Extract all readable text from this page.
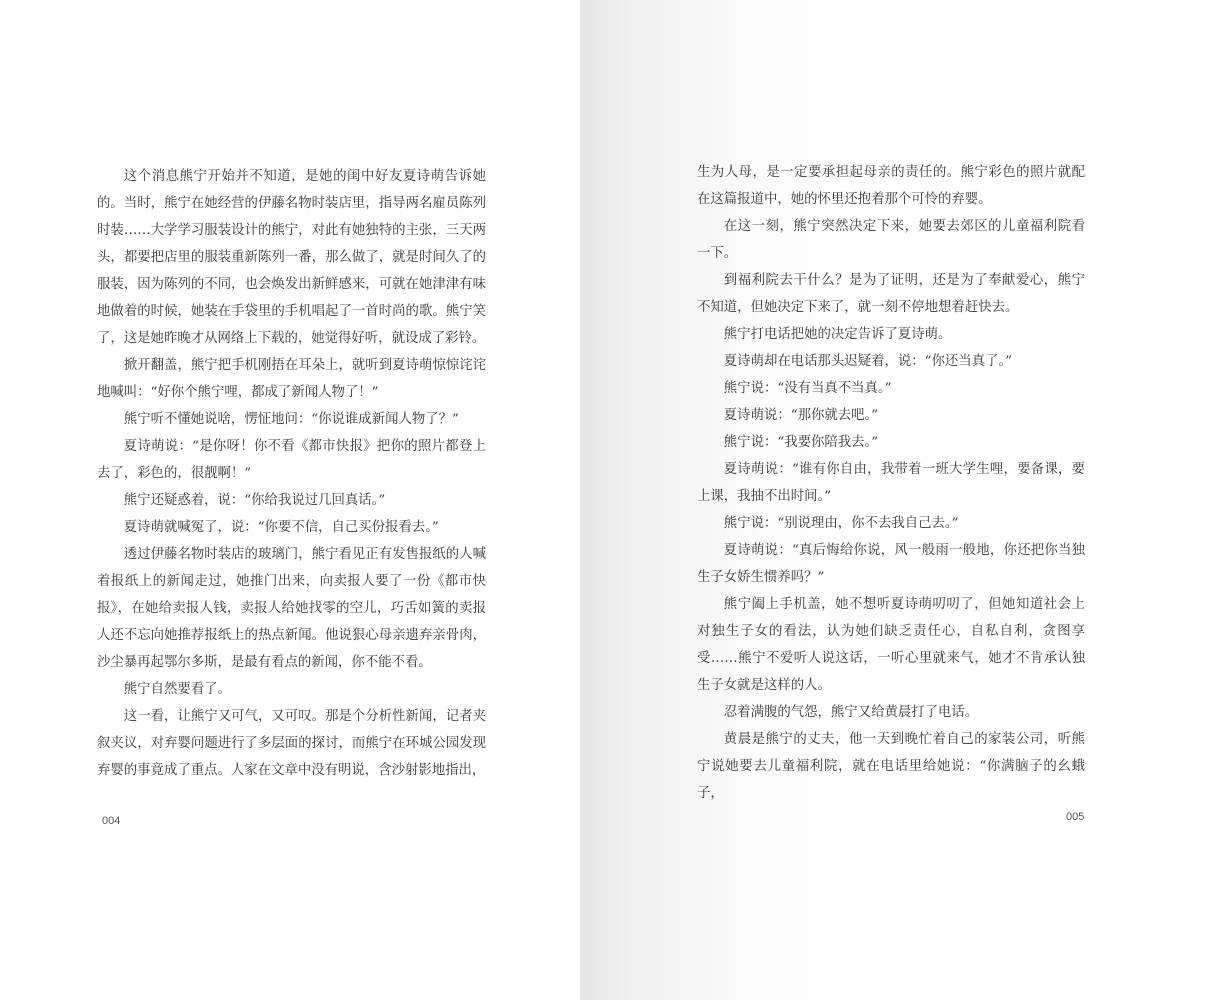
这个消息熊宁开始并不知道，是她的闺中好友夏诗萌告诉她的。当时，熊宁在她经营的伊藤名物时装店里，指导两名雇员陈列时装……大学学习服装设计的熊宁，对此有她独特的主张，三天两头，都要把店里的服装重新陈列一番，那么做了，就是时间久了的服装，因为陈列的不同，也会焕发出新鲜感来，可就在她津津有味地做着的时候，她装在手袋里的手机唱起了一首时尚的歌。熊宁笑了，这是她昨晚才从网络上下载的，她觉得好听，就设成了彩铃。

掀开翻盖，熊宁把手机刚捂在耳朵上，就听到夏诗萌惊惊诧诧地喊叫：“好你个熊宁哩，都成了新闻人物了！”

熊宁听不懂她说啥，愣怔地问：“你说谁成新闻人物了？”

夏诗萌说：“是你呀！你不看《都市快报》把你的照片都登上去了，彩色的，很靓啊！”

熊宁还疑惑着，说：“你给我说过几回真话。”

夏诗萌就喊冤了，说：“你要不信，自己买份报看去。”

透过伊藤名物时装店的玻璃门，熊宁看见正有发售报纸的人喊着报纸上的新闻走过，她推门出来，向卖报人要了一份《都市快报》，在她给卖报人钱，卖报人给她找零的空儿，巧舌如簧的卖报人还不忘向她推荐报纸上的热点新闻。他说狠心母亲遗弃亲骨肉，沙尘暴再起鄂尔多斯，是最有看点的新闻，你不能不看。

熊宁自然要看了。

这一看，让熊宁又可气，又可叹。那是个分析性新闻，记者夹叙夹议，对弃婴问题进行了多层面的探讨，而熊宁在环城公园发现弃婴的事竟成了重点。人家在文章中没有明说，含沙射影地指出，

004

生为人母，是一定要承担起母亲的责任的。熊宁彩色的照片就配在这篇报道中，她的怀里还抱着那个可怜的弃婴。

在这一刻，熊宁突然决定下来，她要去郊区的儿童福利院看一下。

到福利院去干什么？是为了证明，还是为了奉献爱心，熊宁不知道，但她决定下来了，就一刻不停地想着赶快去。

熊宁打电话把她的决定告诉了夏诗萌。

夏诗萌却在电话那头迟疑着，说：“你还当真了。”

熊宁说：“没有当真不当真。”

夏诗萌说：“那你就去吧。”

熊宁说：“我要你陪我去。”

夏诗萌说：“谁有你自由，我带着一班大学生哩，要备课，要上课，我抽不出时间。”

熊宁说：“别说理由，你不去我自己去。”

夏诗萌说：“真后悔给你说，风一般雨一般地，你还把你当独生子女娇生惯养吗？”

熊宁阖上手机盖，她不想听夏诗萌叨叨了，但她知道社会上对独生子女的看法，认为她们缺乏责任心，自私自利，贪图享受……熊宁不爱听人说这话，一听心里就来气，她才不肯承认独生子女就是这样的人。

忍着满腹的气怨，熊宁又给黄晨打了电话。

黄晨是熊宁的丈夫，他一天到晚忙着自己的家装公司，听熊宁说她要去儿童福利院，就在电话里给她说：“你满脑子的幺蛾子，

005
